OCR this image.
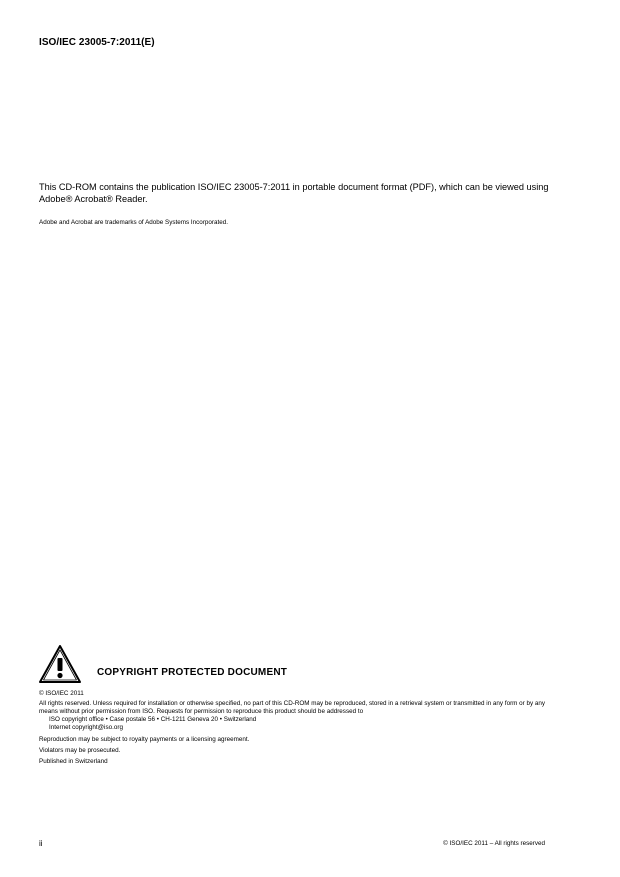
ISO/IEC 23005-7:2011(E)
This CD-ROM contains the publication ISO/IEC 23005-7:2011 in portable document format (PDF), which can be viewed using Adobe® Acrobat® Reader.
Adobe and Acrobat are trademarks of Adobe Systems Incorporated.
COPYRIGHT PROTECTED DOCUMENT

© ISO/IEC 2011

All rights reserved. Unless required for installation or otherwise specified, no part of this CD-ROM may be reproduced, stored in a retrieval system or transmitted in any form or by any means without prior permission from ISO. Requests for permission to reproduce this product should be addressed to

ISO copyright office • Case postale 56 • CH-1211 Geneva 20 • Switzerland

Internet copyright@iso.org

Reproduction may be subject to royalty payments or a licensing agreement.

Violators may be prosecuted.

Published in Switzerland

ii	© ISO/IEC 2011 – All rights reserved
